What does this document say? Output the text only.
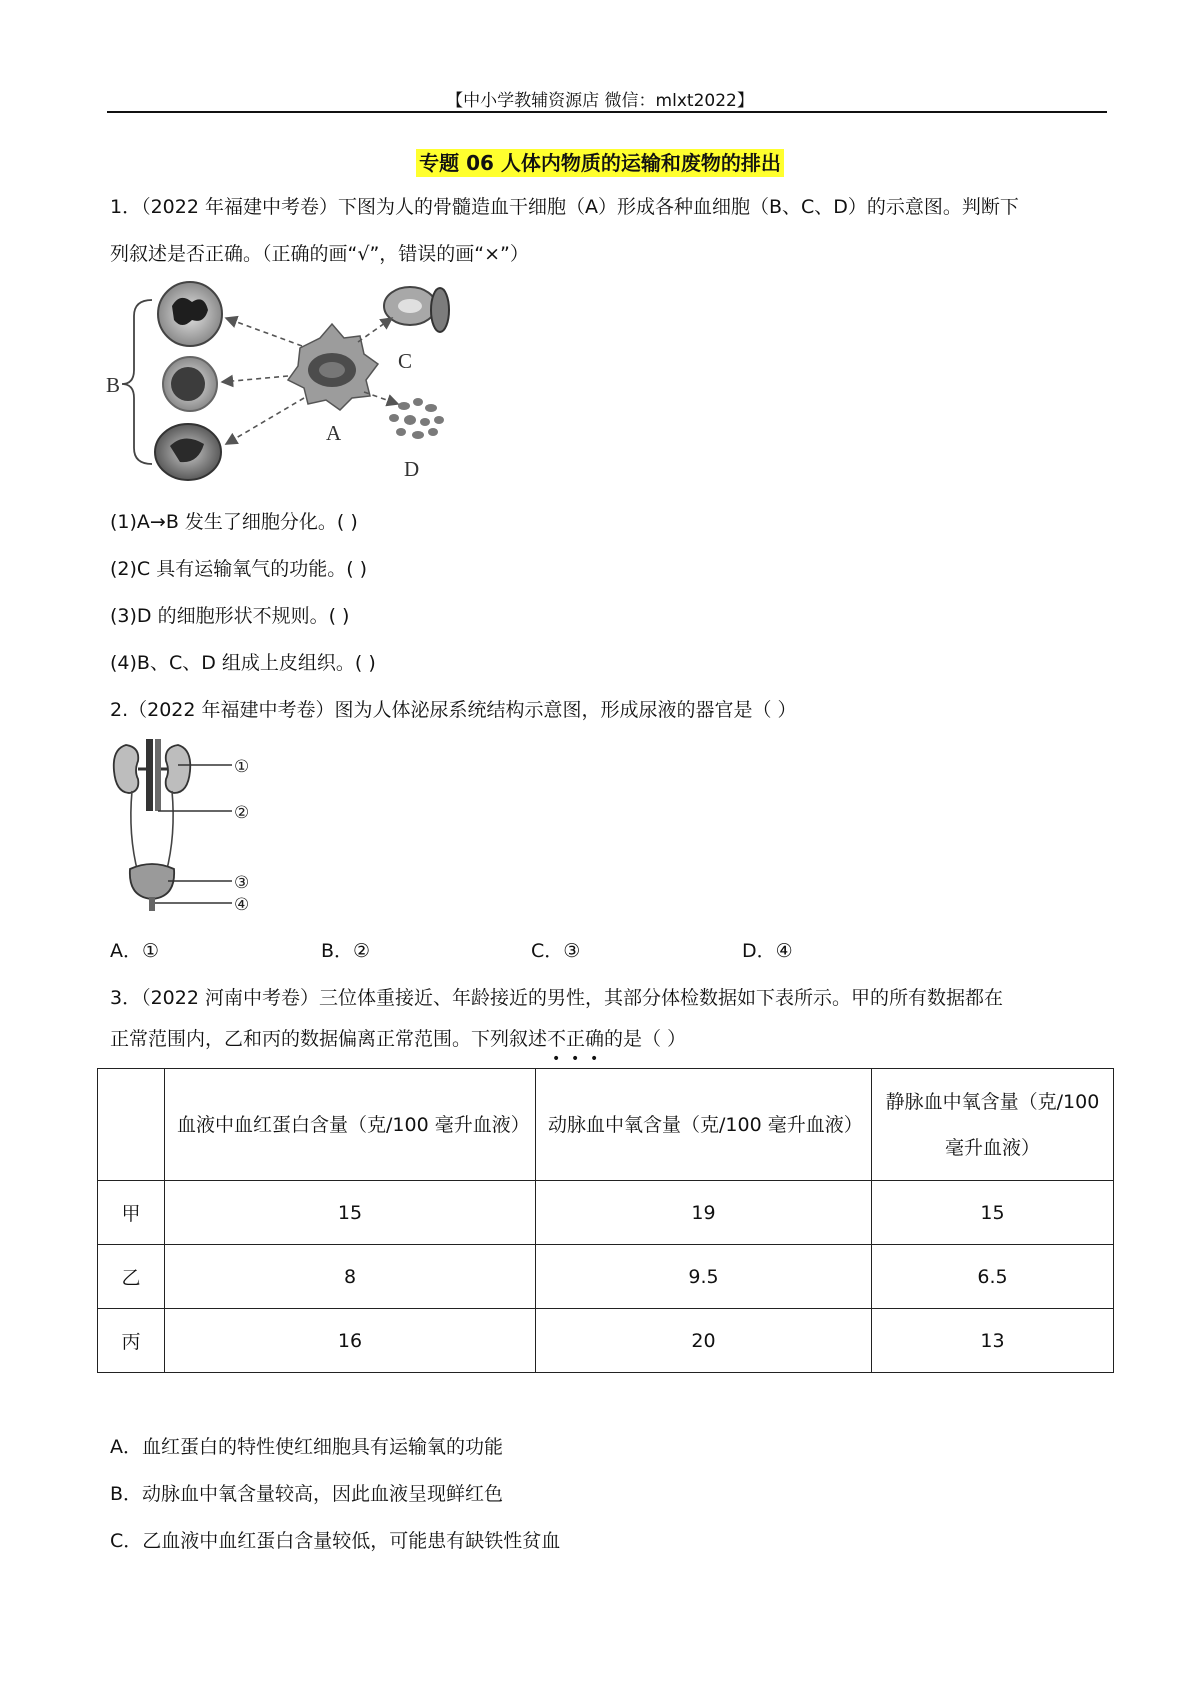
【中小学教辅资源店 微信：mlxt2022】
专题 06 人体内物质的运输和废物的排出
1．（2022 年福建中考卷）下图为人的骨髓造血干细胞（A）形成各种血细胞（B、C、D）的示意图。判断下
列叙述是否正确。（正确的画“√”，错误的画“×”）
B
A
C
D
(1)A→B 发生了细胞分化。( )
(2)C 具有运输氧气的功能。( )
(3)D 的细胞形状不规则。( )
(4)B、C、D 组成上皮组织。( )
2.（2022 年福建中考卷）图为人体泌尿系统结构示意图，形成尿液的器官是（ ）
①
②
③
④
A．①	B．②	C．③	D．④
3．（2022 河南中考卷）三位体重接近、年龄接近的男性，其部分体检数据如下表所示。甲的所有数据都在
正常范围内，乙和丙的数据偏离正常范围。下列叙述不正确
• • •
的是（ ）
	血液中血红蛋白含量（克/100 毫升血液）	动脉血中氧含量（克/100 毫升血液）	静脉血中氧含量（克/100 毫升血液）
甲	15	19	15
乙	8	9.5	6.5
丙	16	20	13
A．血红蛋白的特性使红细胞具有运输氧的功能
B．动脉血中氧含量较高，因此血液呈现鲜红色
C．乙血液中血红蛋白含量较低，可能患有缺铁性贫血
